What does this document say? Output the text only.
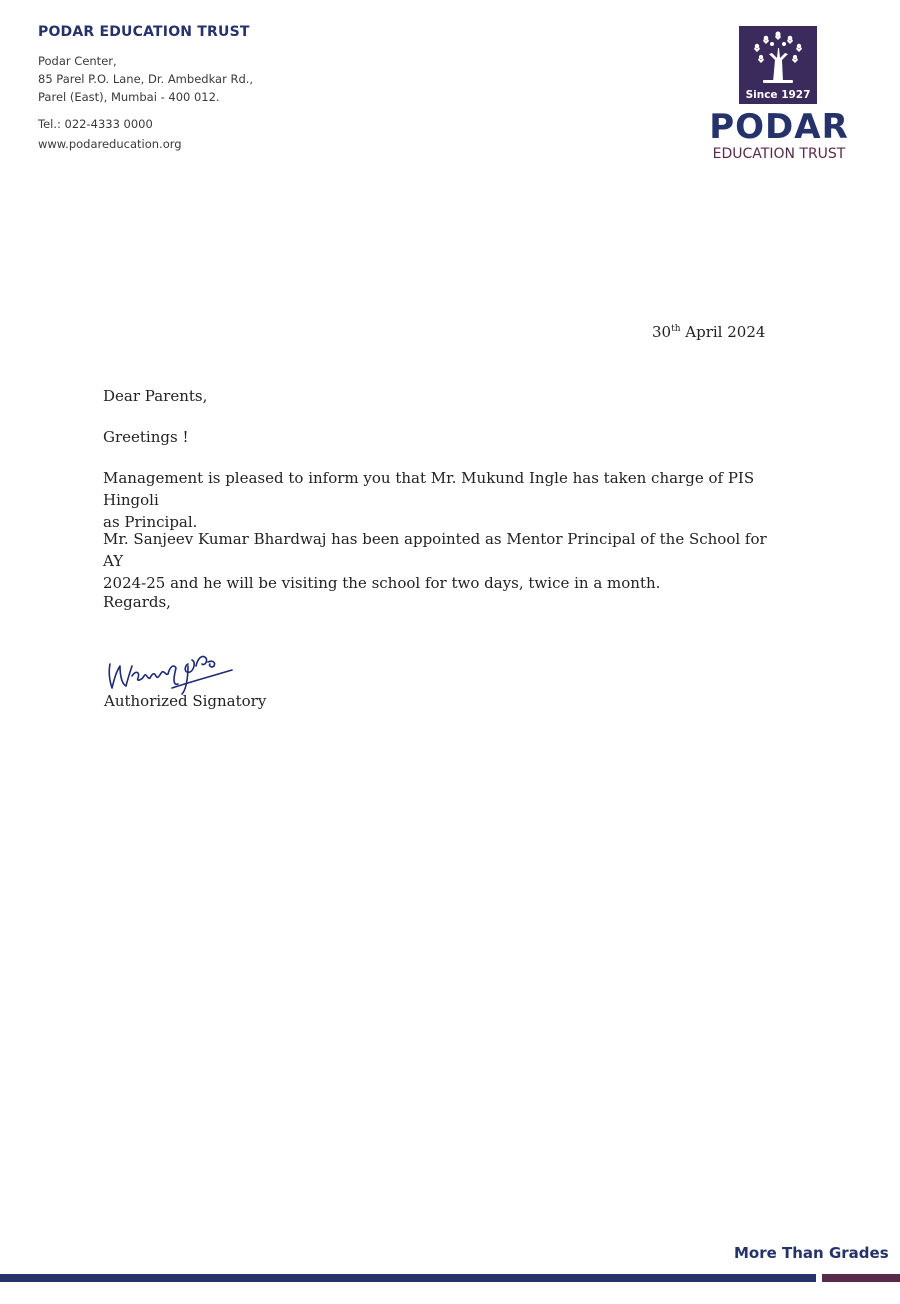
PODAR EDUCATION TRUST
Podar Center,
85 Parel P.O. Lane, Dr. Ambedkar Rd.,
Parel (East), Mumbai - 400 012.
Tel.: 022-4333 0000
www.podareducation.org
Since 1927
PODAR
EDUCATION TRUST
30th April 2024
Dear Parents,
Greetings !
Management is pleased to inform you that Mr. Mukund Ingle has taken charge of PIS Hingoli
as Principal.
Mr. Sanjeev Kumar Bhardwaj has been appointed as Mentor Principal of the School for AY
2024-25 and he will be visiting the school for two days, twice in a month.
Regards,
Authorized Signatory
More Than Grades
